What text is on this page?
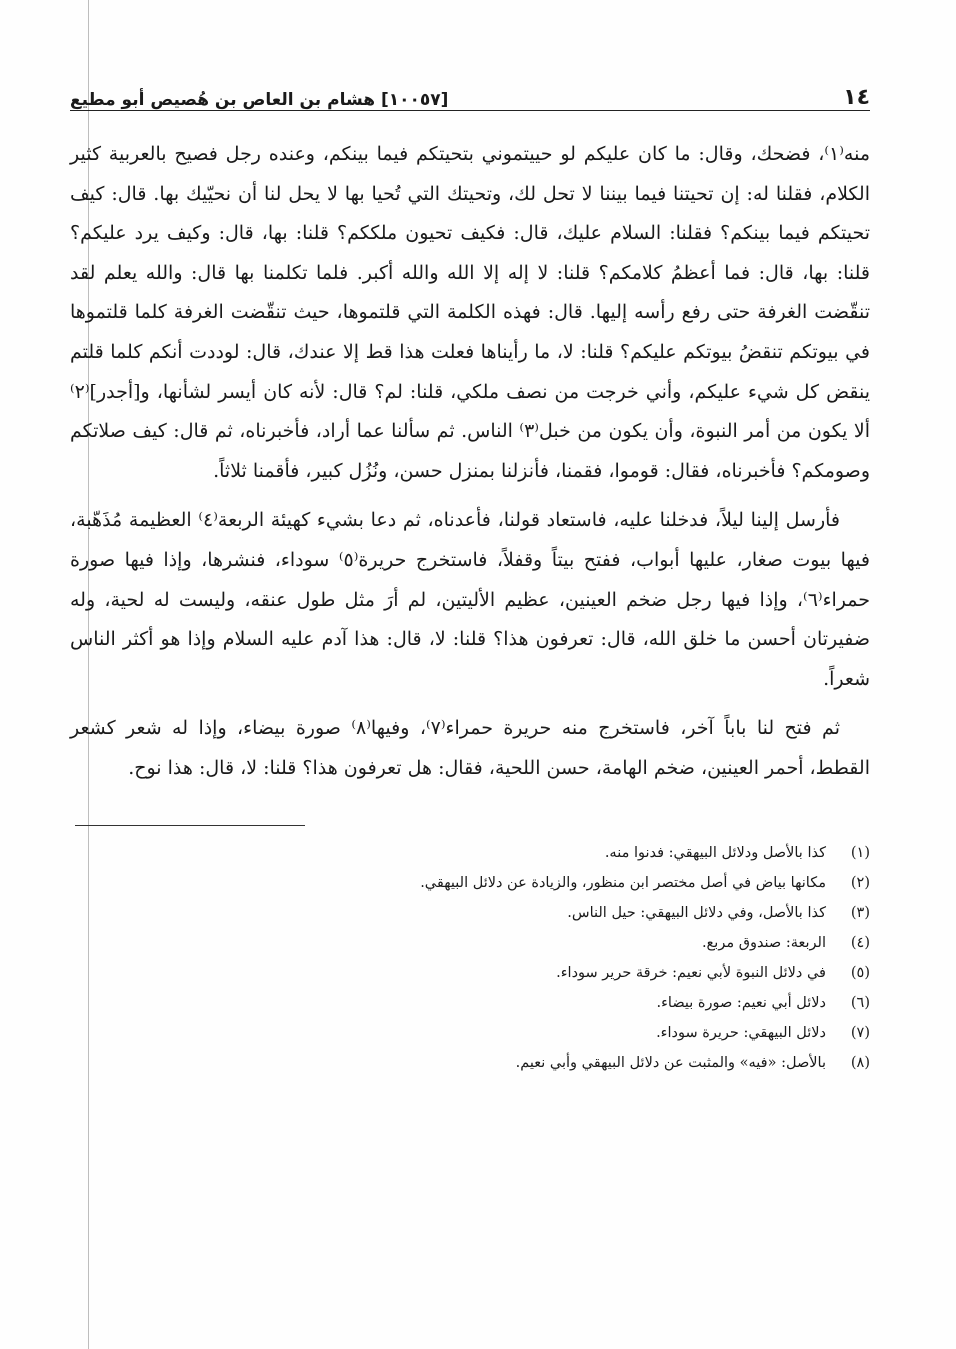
١٤
[١٠٠٥٧] هشام بن العاص بن هُصيص أبو مطيع

منه⁽١⁾، فضحك، وقال: ما كان عليكم لو حييتموني بتحيتكم فيما بينكم، وعنده رجل فصيح بالعربية كثير الكلام، فقلنا له: إن تحيتنا فيما بيننا لا تحل لك، وتحيتك التي تُحيا بها لا يحل لنا أن نحيّيك بها. قال: كيف تحيتكم فيما بينكم؟ فقلنا: السلام عليك، قال: فكيف تحيون ملككم؟ قلنا: بها، قال: وكيف يرد عليكم؟ قلنا: بها، قال: فما أعظمُ كلامكم؟ قلنا: لا إله إلا الله والله أكبر. فلما تكلمنا بها قال: والله يعلم لقد تنقّضت الغرفة حتى رفع رأسه إليها. قال: فهذه الكلمة التي قلتموها، حيث تنقّضت الغرفة كلما قلتموها في بيوتكم تنقضُ بيوتكم عليكم؟ قلنا: لا، ما رأيناها فعلت هذا قط إلا عندك، قال: لوددت أنكم كلما قلتم ينقض كل شيء عليكم، وأني خرجت من نصف ملكي، قلنا: لم؟ قال: لأنه كان أيسر لشأنها، و[أجدر]⁽٢⁾ ألا يكون من أمر النبوة، وأن يكون من خبل⁽٣⁾ الناس. ثم سألنا عما أراد، فأخبرناه، ثم قال: كيف صلاتكم وصومكم؟ فأخبرناه، فقال: قوموا، فقمنا، فأنزلنا بمنزل حسن، ونُزُل كبير، فأقمنا ثلاثاً.

فأرسل إلينا ليلاً، فدخلنا عليه، فاستعاد قولنا، فأعدناه، ثم دعا بشيء كهيئة الربعة⁽٤⁾ العظيمة مُذَهّبة، فيها بيوت صغار، عليها أبواب، ففتح بيتاً وقفلاً، فاستخرج حريرة⁽٥⁾ سوداء، فنشرها، وإذا فيها صورة حمراء⁽٦⁾، وإذا فيها رجل ضخم العينين، عظيم الأليتين، لم أرَ مثل طول عنقه، وليست له لحية، وله ضفيرتان أحسن ما خلق الله، قال: تعرفون هذا؟ قلنا: لا، قال: هذا آدم عليه السلام وإذا هو أكثر الناس شعراً.

ثم فتح لنا باباً آخر، فاستخرج منه حريرة حمراء⁽٧⁾، وفيها⁽٨⁾ صورة بيضاء، وإذا له شعر كشعر القطط، أحمر العينين، ضخم الهامة، حسن اللحية، فقال: هل تعرفون هذا؟ قلنا: لا، قال: هذا نوح.

(١)
كذا بالأصل ودلائل البيهقي: فدنوا منه.
(٢)
مكانها بياض في أصل مختصر ابن منظور، والزيادة عن دلائل البيهقي.
(٣)
كذا بالأصل، وفي دلائل البيهقي: حيل الناس.
(٤)
الربعة: صندوق مربع.
(٥)
في دلائل النبوة لأبي نعيم: خرقة حرير سوداء.
(٦)
دلائل أبي نعيم: صورة بيضاء.
(٧)
دلائل البيهقي: حريرة سوداء.
(٨)
بالأصل: «فيه» والمثبت عن دلائل البيهقي وأبي نعيم.
